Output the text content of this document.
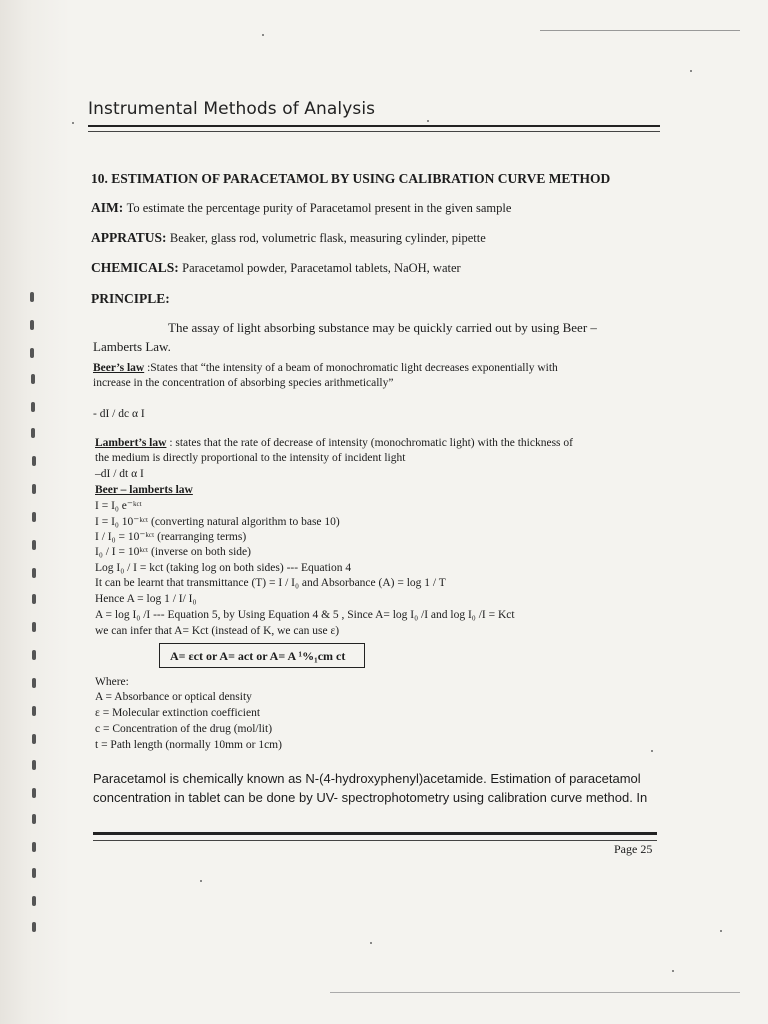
Instrumental Methods of Analysis
10. ESTIMATION OF PARACETAMOL BY USING CALIBRATION CURVE METHOD
AIM: To estimate the percentage purity of Paracetamol present in the given sample
APPRATUS: Beaker, glass rod, volumetric flask, measuring cylinder, pipette
CHEMICALS: Paracetamol powder, Paracetamol tablets, NaOH, water
PRINCIPLE:
The assay of light absorbing substance may be quickly carried out by using Beer –
Lamberts Law.
Beer’s law :States that “the intensity of a beam of monochromatic light decreases exponentially with
increase in the concentration of absorbing species arithmetically”
- dI / dc α I
Lambert’s law : states that the rate of decrease of intensity (monochromatic light) with the thickness of
the medium is directly proportional to the intensity of incident light
–dI / dt α I
Beer – lamberts law
I = I₀ e⁻ᵏᶜᵗ
I = I₀ 10⁻ᵏᶜᵗ (converting natural algorithm to base 10)
I / I₀ = 10⁻ᵏᶜᵗ (rearranging terms)
I₀ / I = 10ᵏᶜᵗ (inverse on both side)
Log I₀ / I = kct (taking log on both sides) --- Equation 4
It can be learnt that transmittance (T) = I / I₀ and Absorbance (A) = log 1 / T
Hence A = log 1 / I/ I₀
A = log I₀ /I --- Equation 5, by Using Equation 4 & 5 , Since A= log I₀ /I and log I₀ /I = Kct
we can infer that A= Kct (instead of K, we can use ε)
A= εct or A= act or A= A ¹%₁cm ct
Where:
A = Absorbance or optical density
ε = Molecular extinction coefficient
c = Concentration of the drug (mol/lit)
t = Path length (normally 10mm or 1cm)
Paracetamol is chemically known as N-(4-hydroxyphenyl)acetamide. Estimation of paracetamol
concentration in tablet can be done by UV- spectrophotometry using calibration curve method. In
Page 25
